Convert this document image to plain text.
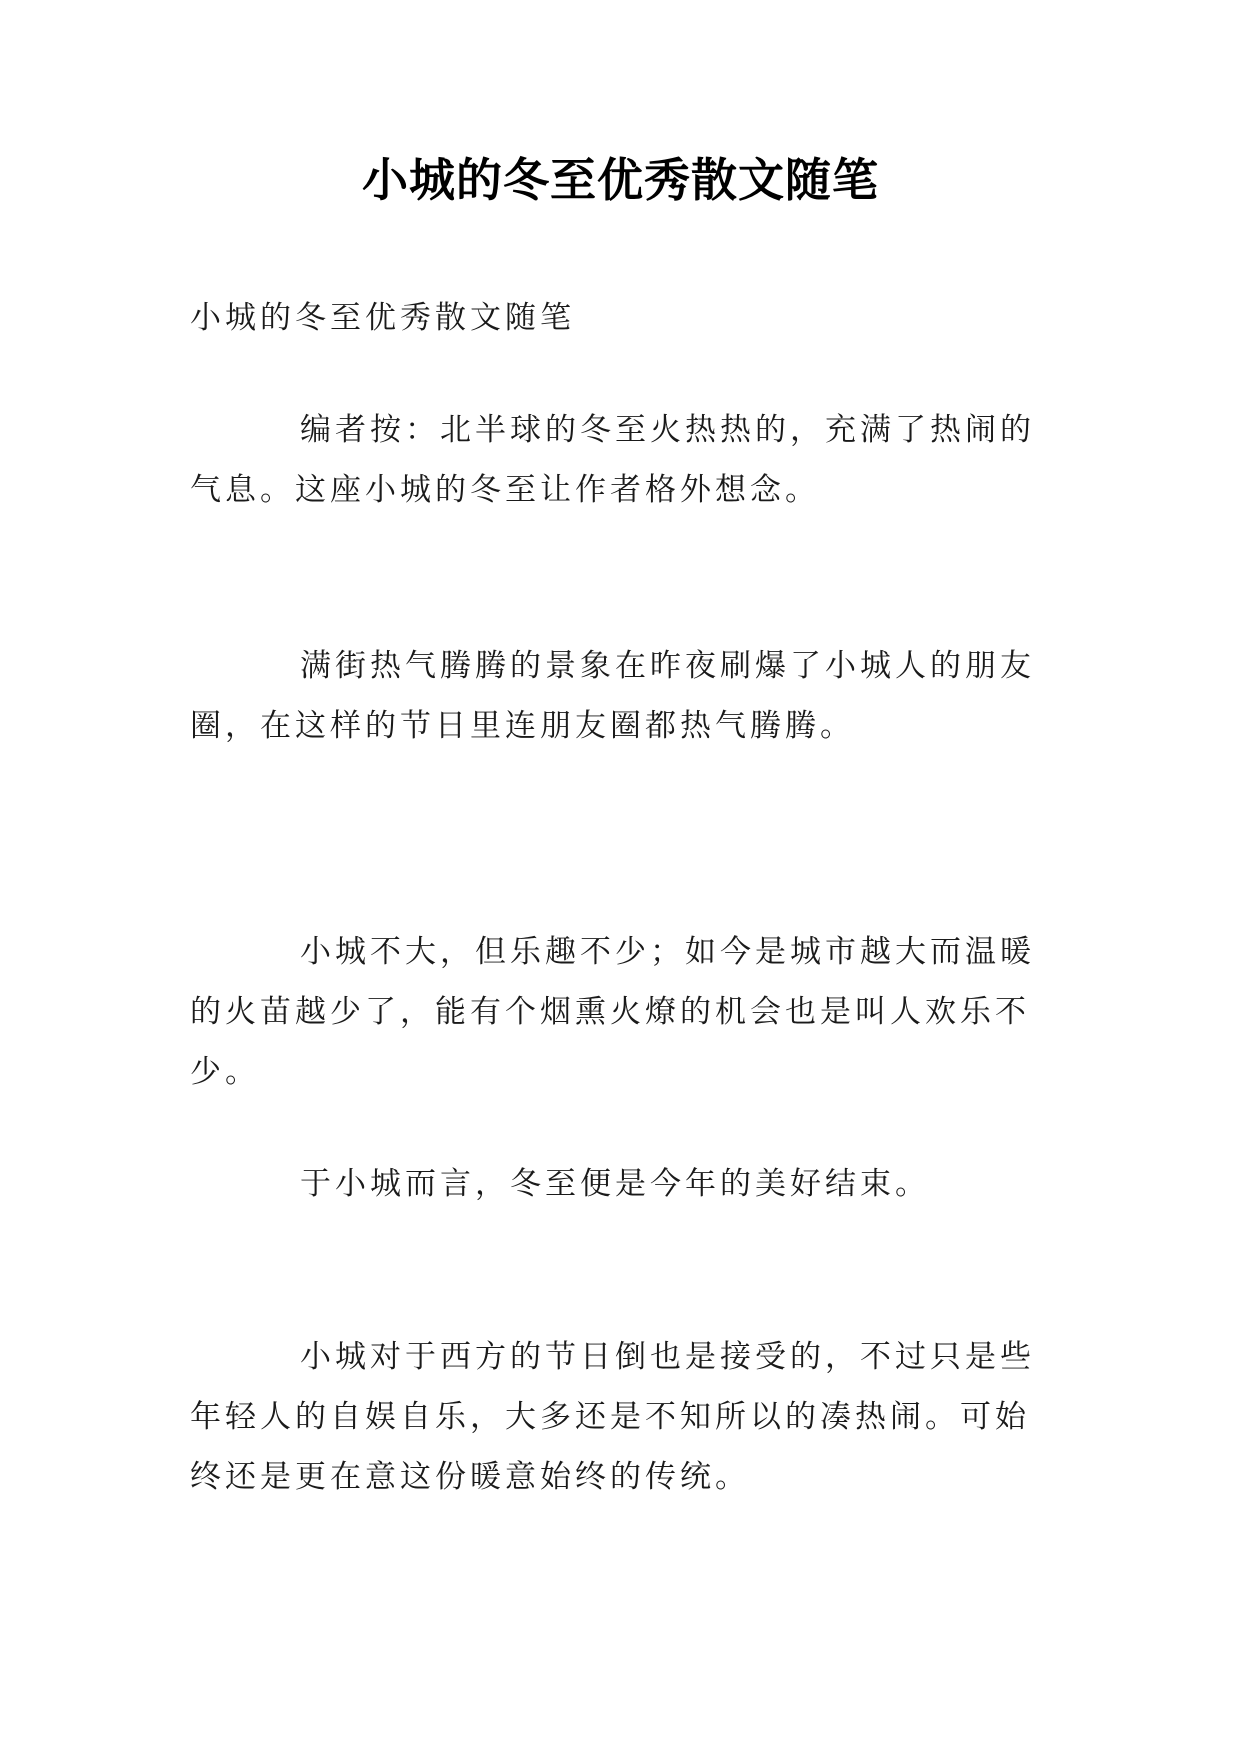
小城的冬至优秀散文随笔

小城的冬至优秀散文随笔

编者按：北半球的冬至火热热的，充满了热闹的气息。这座小城的冬至让作者格外想念。

满街热气腾腾的景象在昨夜刷爆了小城人的朋友圈，在这样的节日里连朋友圈都热气腾腾。

小城不大，但乐趣不少；如今是城市越大而温暖的火苗越少了，能有个烟熏火燎的机会也是叫人欢乐不少。

于小城而言，冬至便是今年的美好结束。

小城对于西方的节日倒也是接受的，不过只是些年轻人的自娱自乐，大多还是不知所以的凑热闹。可始终还是更在意这份暖意始终的传统。
